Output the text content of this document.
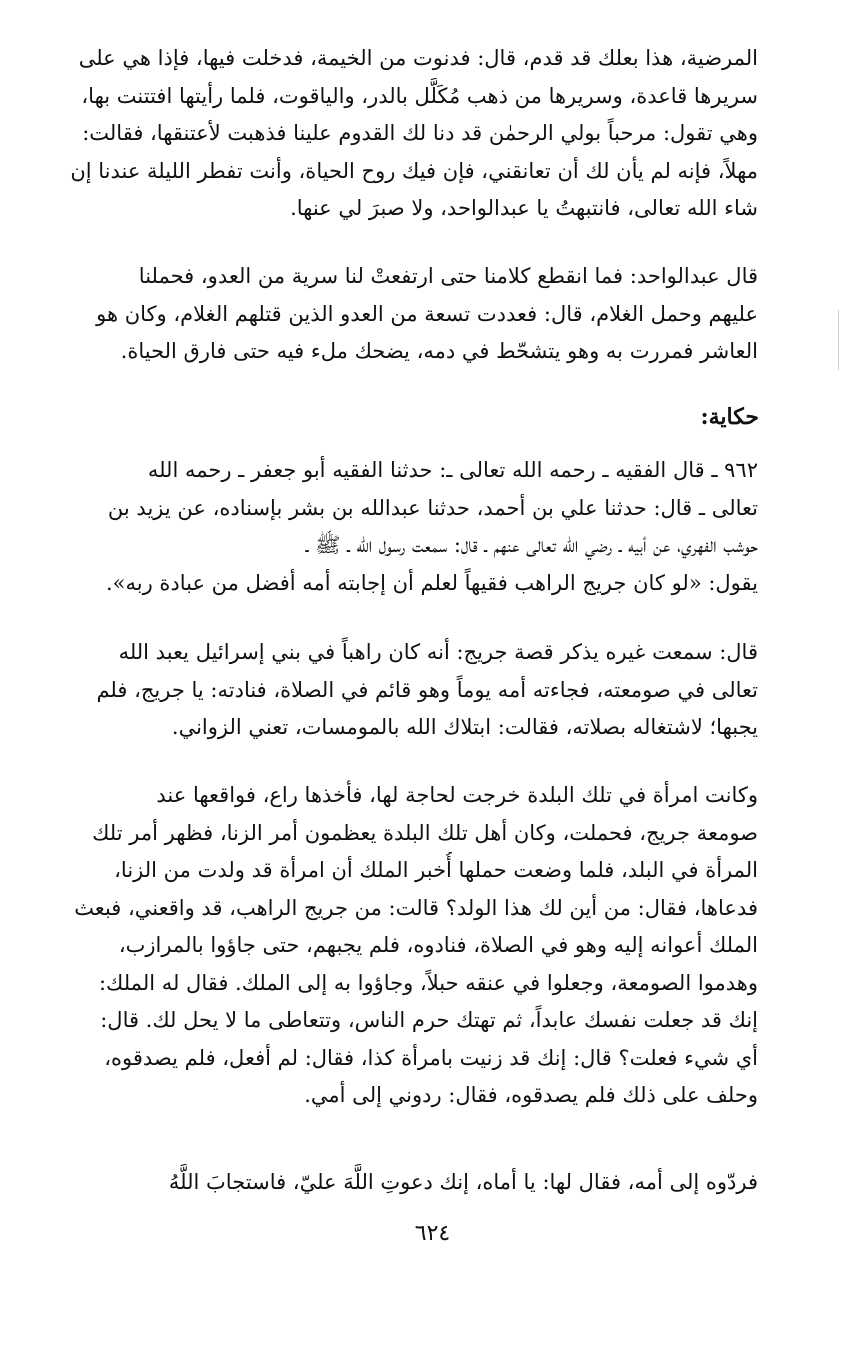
المرضية، هذا بعلك قد قدم، قال: فدنوت من الخيمة، فدخلت فيها، فإذا هي على
سريرها قاعدة، وسريرها من ذهب مُكَلَّل بالدر، والياقوت، فلما رأيتها افتتنت بها،
وهي تقول: مرحباً بولي الرحمٰن قد دنا لك القدوم علينا فذهبت لأعتنقها، فقالت:
مهلاً، فإنه لم يأن لك أن تعانقني، فإن فيك روح الحياة، وأنت تفطر الليلة عندنا إن
شاء الله تعالى، فانتبهتُ يا عبدالواحد، ولا صبرَ لي عنها.
قال عبدالواحد: فما انقطع كلامنا حتى ارتفعتْ لنا سرية من العدو، فحملنا
عليهم وحمل الغلام، قال: فعددت تسعة من العدو الذين قتلهم الغلام، وكان هو
العاشر فمررت به وهو يتشحّط في دمه، يضحك ملء فيه حتى فارق الحياة.
حكاية:
٩٦٢ ـ قال الفقيه ـ رحمه الله تعالى ـ: حدثنا الفقيه أبو جعفر ـ رحمه الله
تعالى ـ قال: حدثنا علي بن أحمد، حدثنا عبدالله بن بشر بإسناده، عن يزيد بن
حوشب الفهري، عن أبيه ـ رضي الله تعالى عنهم ـ قال: سمعت رسول الله ـ ﷺ ـ
يقول: «لو كان جريج الراهب فقيهاً لعلم أن إجابته أمه أفضل من عبادة ربه».
قال: سمعت غيره يذكر قصة جريج: أنه كان راهباً في بني إسرائيل يعبد الله
تعالى في صومعته، فجاءته أمه يوماً وهو قائم في الصلاة، فنادته: يا جريج، فلم
يجبها؛ لاشتغاله بصلاته، فقالت: ابتلاك الله بالمومسات، تعني الزواني.
وكانت امرأة في تلك البلدة خرجت لحاجة لها، فأخذها راع، فواقعها عند
صومعة جريج، فحملت، وكان أهل تلك البلدة يعظمون أمر الزنا، فظهر أمر تلك
المرأة في البلد، فلما وضعت حملها أُخبر الملك أن امرأة قد ولدت من الزنا،
فدعاها، فقال: من أين لك هذا الولد؟ قالت: من جريج الراهب، قد واقعني، فبعث
الملك أعوانه إليه وهو في الصلاة، فنادوه، فلم يجبهم، حتى جاؤوا بالمرازب،
وهدموا الصومعة، وجعلوا في عنقه حبلاً، وجاؤوا به إلى الملك. فقال له الملك:
إنك قد جعلت نفسك عابداً، ثم تهتك حرم الناس، وتتعاطى ما لا يحل لك. قال:
أي شيء فعلت؟ قال: إنك قد زنيت بامرأة كذا، فقال: لم أفعل، فلم يصدقوه،
وحلف على ذلك فلم يصدقوه، فقال: ردوني إلى أمي.
فردّوه إلى أمه، فقال لها: يا أماه، إنك دعوتِ اللَّهَ عليّ، فاستجابَ اللَّهُ
٦٢٤
